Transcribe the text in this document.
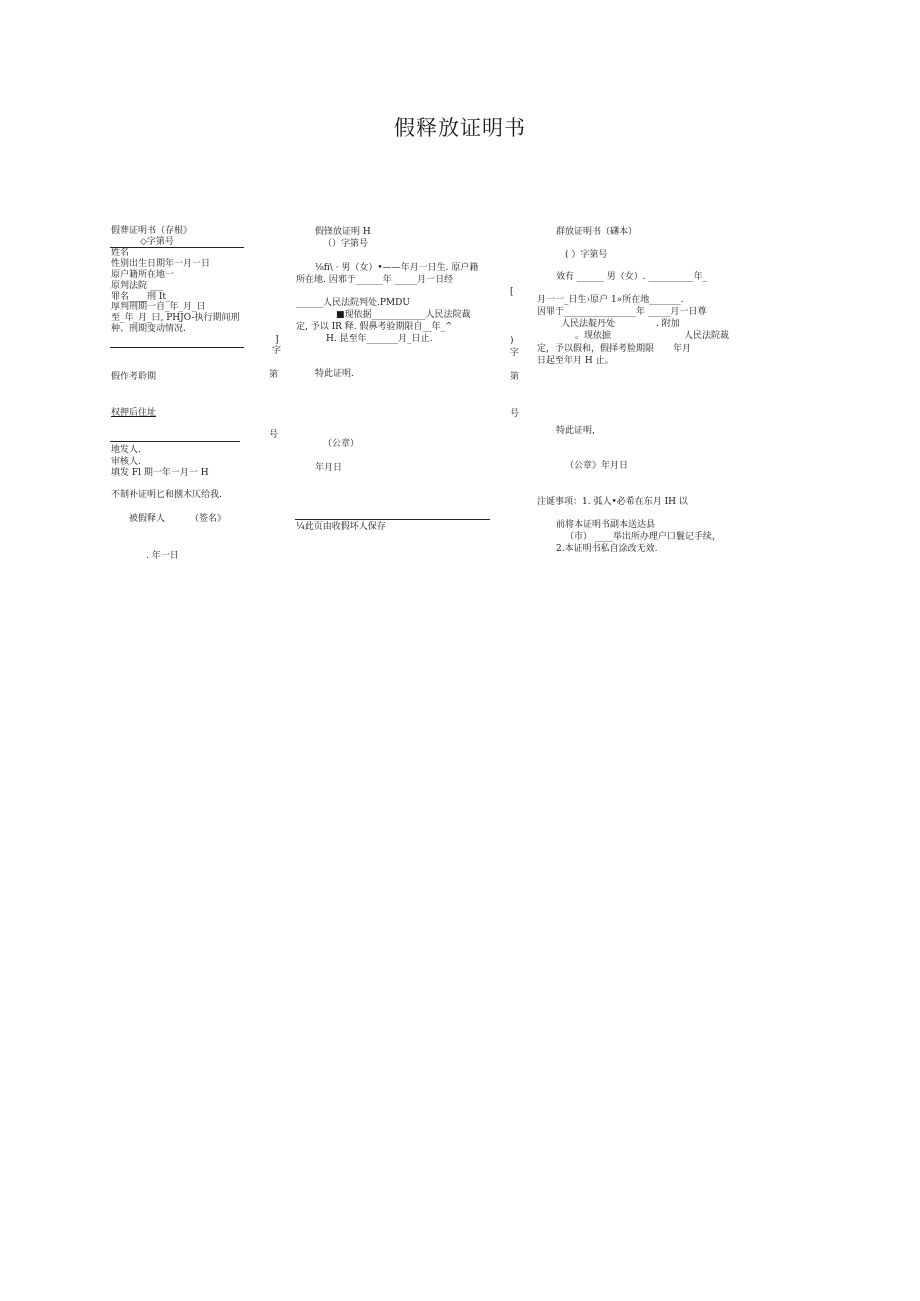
假释放证明书
假葬证明书（存根》
◇字第号
姓名
性别出生日期年一月一日
原户籍所在地一
原判法院 ___
罪名____刑 It_
厚判刑期一自_年_月_日
至_年_月_曰, PHJO-执行期间刑
种、刑期变动情况.
假作考聆期
权押后住址
地发人.
审核人.
填发 Fl 期一年一月一 H
不制补证明匕和捌木仄给我.
被假释人	（签名》
. 年一日
]
字
第
号
假锋放证明 H
（）字第号
⅛fi\ · 男（女）•——年月一日生. 原户籍
所在地. 因邪于______年 _____月一日经
______人民法院判处.PMDU
■现依据____________人民法院裁
定, 予以 IR 释. 假鼻考验期限自__年_^
H. 昆至年_______月_日止.
特此证明.
（公章）
年月日
¼此页由收假坏人保存
[
)
字
第
号
群放证明书（礴本）
( ）字第号
效有 ______ 男（女）. __________年_
月一一_日生›原户 1»所在地_______.
因罪于________________年 _____月一日尊
人民法靛丹处	. 附加
。现依摭	人民法院裁
定，予以假和，假择考脸期限 年月
日起至年月 H 止。
特此证明，
（公章》年月日
注诞事项：1. 弧人•必希在东月 IH 以
前将本证明书副本送达县
（市） ____举出所办理户口鬟记手续，
2.本证明书私自涂改无效.
